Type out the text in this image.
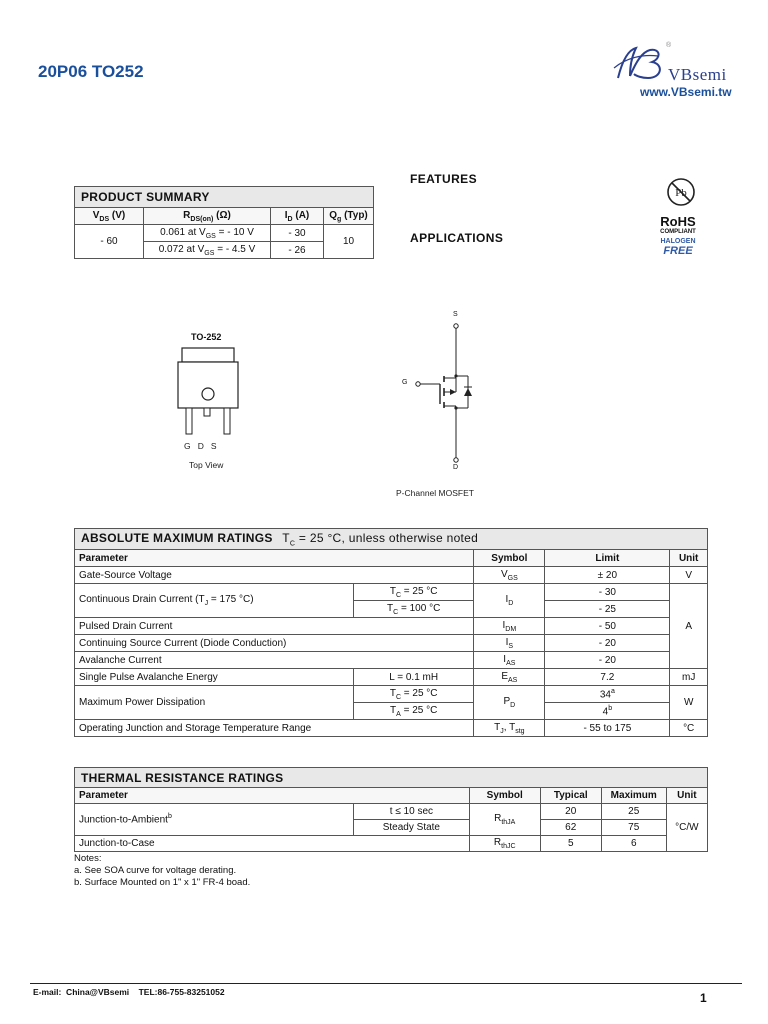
20P06 TO252
®
VBsemi
www.VBsemi.tw
FEATURES
APPLICATIONS
Pb
RoHS
COMPLIANT
HALOGEN
FREE
PRODUCT SUMMARY			
$V_{DS}$ (V)	$R_{DS(on)}$ (Ω)	$I_D$ (A)	$Q_g$ (Typ)
- 60	0.061 at $V_{GS}$ = - 10 V	- 30	10
	0.072 at $V_{GS}$ = - 4.5 V	- 26	
TO-252
G   D   S
Top View
S
G
D
P-Channel MOSFET
ABSOLUTE MAXIMUM RATINGS $T_C = 25$ °C, unless otherwise noted				
Parameter		Symbol	Limit	Unit
Gate-Source Voltage		$V_{GS}$	± 20	V
Continuous Drain Current ($T_J = 175$ °C)	$T_C = 25$ °C	$I_D$	- 30	A
	$T_C = 100$ °C		- 25	
Pulsed Drain Current		$I_{DM}$	- 50	
Continuing Source Current (Diode Conduction)		$I_S$	- 20	
Avalanche Current		$I_{AS}$	- 20	
Single Pulse Avalanche Energy	L = 0.1 mH	$E_{AS}$	7.2	mJ
Maximum Power Dissipation	$T_C = 25$ °C	$P_D$	34$^a$	W
	$T_A = 25$ °C		4$^b$
Operating Junction and Storage Temperature Range		$T_J$, $T_{stg}$	- 55 to 175	°C
THERMAL RESISTANCE RATINGS					
Parameter		Symbol	Typical	Maximum	Unit
Junction-to-Ambient$^b$	t ≤ 10 sec	$R_{thJA}$	20	25	°C/W
	Steady State		62	75	
Junction-to-Case		$R_{thJC}$	5	6	
Notes:
a. See SOA curve for voltage derating.
b. Surface Mounted on 1" x 1" FR-4 boad.
E-mail:  China@VBsemi    TEL:86-755-83251052	1
